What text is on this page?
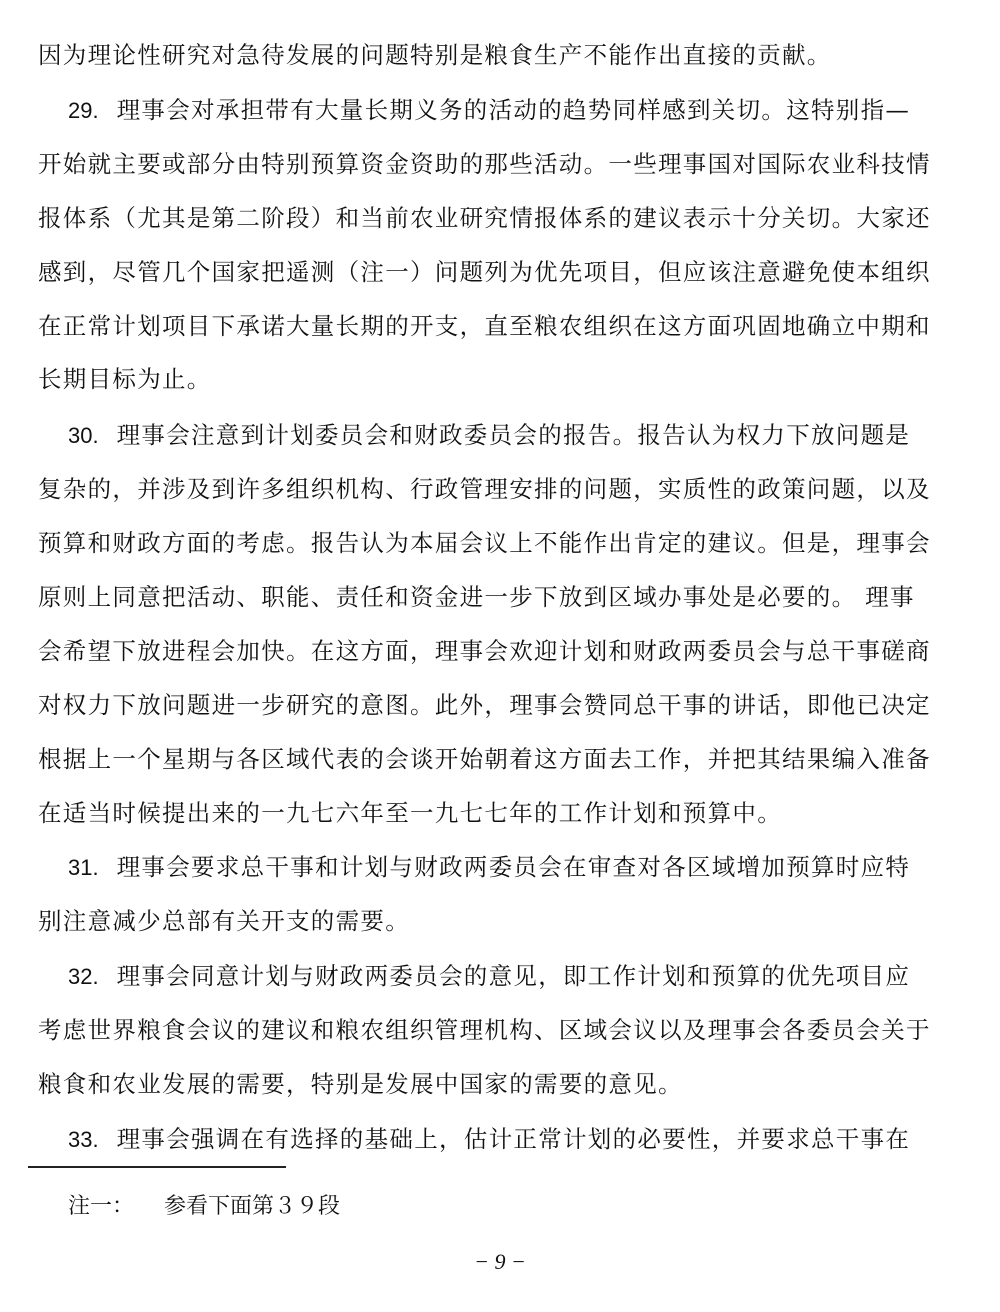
因为理论性研究对急待发展的问题特别是粮食生产不能作出直接的贡献。
29. 理事会对承担带有大量长期义务的活动的趋势同样感到关切。这特别指—
开始就主要或部分由特别预算资金资助的那些活动。一些理事国对国际农业科技情
报体系（尤其是第二阶段）和当前农业研究情报体系的建议表示十分关切。大家还
感到，尽管几个国家把遥测（注一）问题列为优先项目，但应该注意避免使本组织
在正常计划项目下承诺大量长期的开支，直至粮农组织在这方面巩固地确立中期和
长期目标为止。
30. 理事会注意到计划委员会和财政委员会的报告。报告认为权力下放问题是
复杂的，并涉及到许多组织机构、行政管理安排的问题，实质性的政策问题，以及
预算和财政方面的考虑。报告认为本届会议上不能作出肯定的建议。但是，理事会
原则上同意把活动、职能、责任和资金进一步下放到区域办事处是必要的。 理事
会希望下放进程会加快。在这方面，理事会欢迎计划和财政两委员会与总干事磋商
对权力下放问题进一步研究的意图。此外，理事会赞同总干事的讲话，即他已决定
根据上一个星期与各区域代表的会谈开始朝着这方面去工作，并把其结果编入准备
在适当时候提出来的一九七六年至一九七七年的工作计划和预算中。
31. 理事会要求总干事和计划与财政两委员会在审查对各区域增加预算时应特
别注意减少总部有关开支的需要。
32. 理事会同意计划与财政两委员会的意见，即工作计划和预算的优先项目应
考虑世界粮食会议的建议和粮农组织管理机构、区域会议以及理事会各委员会关于
粮食和农业发展的需要，特别是发展中国家的需要的意见。
33. 理事会强调在有选择的基础上，估计正常计划的必要性，并要求总干事在
注一： 参看下面第３９段
− 9 −
